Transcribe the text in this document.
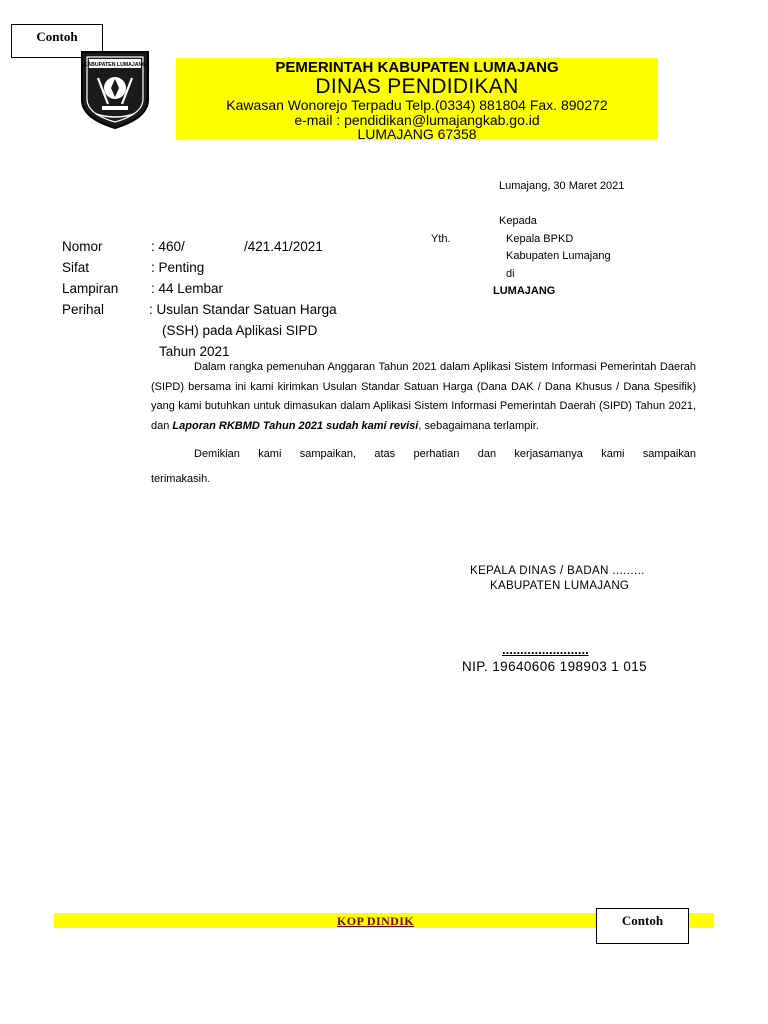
Contoh
KABUPATEN LUMAJANG	PEMERINTAH KABUPATEN LUMAJANG
DINAS PENDIDIKAN
Kawasan Wonorejo Terpadu Telp.(0334) 881804 Fax. 890272
e-mail : pendidikan@lumajangkab.go.id
LUMAJANG 67358
Lumajang, 30 Maret 2021
Kepada
Yth.	Kepala BPKD
Kabupaten Lumajang
di
LUMAJANG
Nomor	: 460/	/421.41/2021
Sifat	: Penting
Lampiran : 44 Lembar
Perihal	: Usulan Standar Satuan Harga
(SSH) pada Aplikasi SIPD
Tahun 2021

Dalam rangka pemenuhan Anggaran Tahun 2021 dalam Aplikasi Sistem Informasi Pemerintah Daerah (SIPD) bersama ini kami kirimkan Usulan Standar Satuan Harga (Dana DAK / Dana Khusus / Dana Spesifik) yang kami butuhkan untuk dimasukan dalam Aplikasi Sistem Informasi Pemerintah Daerah (SIPD) Tahun 2021, dan Laporan RKBMD Tahun 2021 sudah kami revisi, sebagaimana terlampir.

Demikian kami sampaikan, atas perhatian dan kerjasamanya kami sampaikan

terimakasih.

KEPALA DINAS / BADAN .........
KABUPATEN LUMAJANG
........................
NIP. 19640606 198903 1 015
KOP DINDIK	Contoh
